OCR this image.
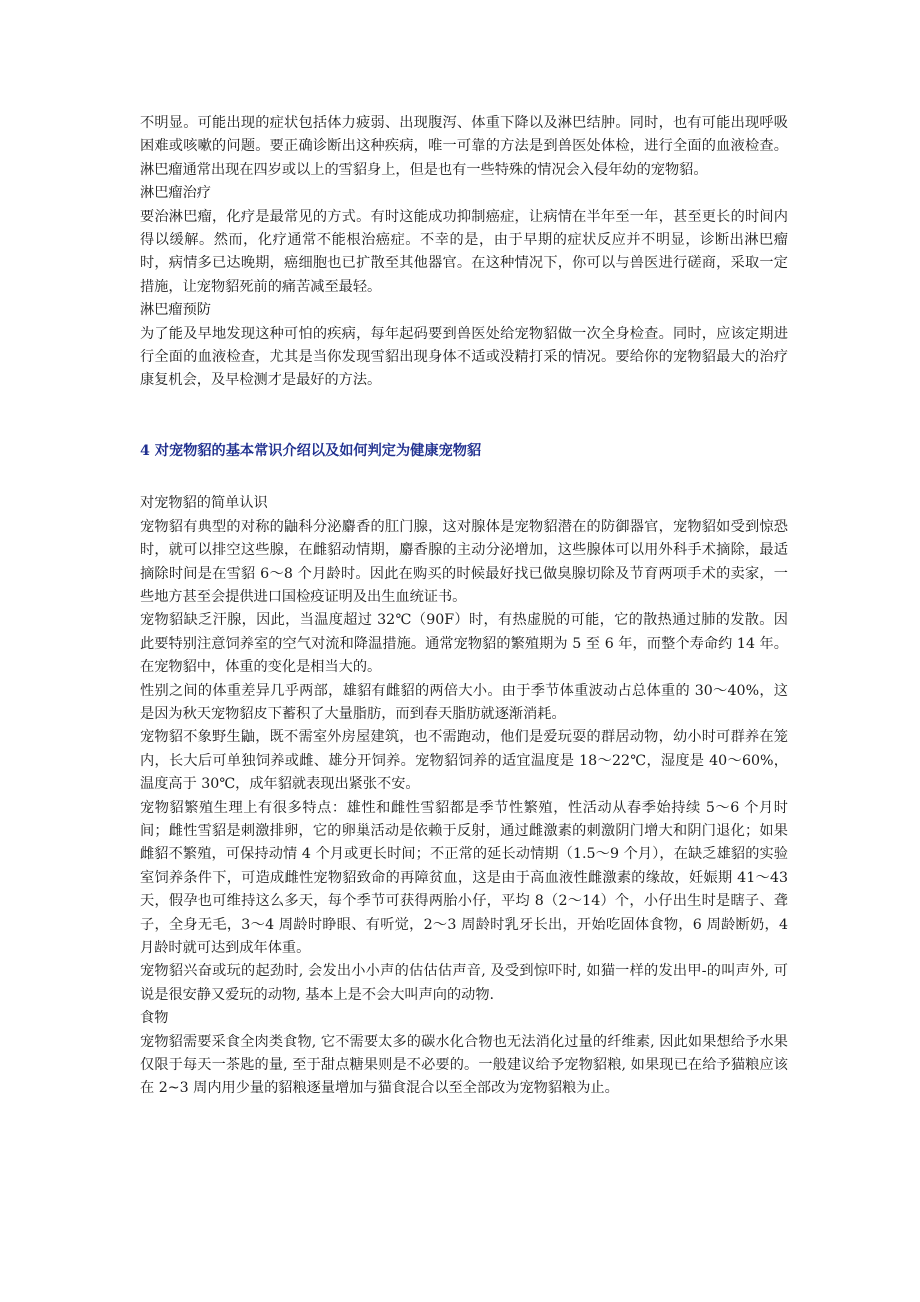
不明显。可能出现的症状包括体力疲弱、出现腹泻、体重下降以及淋巴结肿。同时，也有可能出现呼吸困难或咳嗽的问题。要正确诊断出这种疾病，唯一可靠的方法是到兽医处体检，进行全面的血液检查。淋巴瘤通常出现在四岁或以上的雪貂身上，但是也有一些特殊的情况会入侵年幼的宠物貂。

淋巴瘤治疗

要治淋巴瘤，化疗是最常见的方式。有时这能成功抑制癌症，让病情在半年至一年，甚至更长的时间内得以缓解。然而，化疗通常不能根治癌症。不幸的是，由于早期的症状反应并不明显，诊断出淋巴瘤时，病情多已达晚期，癌细胞也已扩散至其他器官。在这种情况下，你可以与兽医进行磋商，采取一定措施，让宠物貂死前的痛苦减至最轻。

淋巴瘤预防

为了能及早地发现这种可怕的疾病，每年起码要到兽医处给宠物貂做一次全身检查。同时，应该定期进行全面的血液检查，尤其是当你发现雪貂出现身体不适或没精打采的情况。要给你的宠物貂最大的治疗康复机会，及早检测才是最好的方法。

4 对宠物貂的基本常识介绍以及如何判定为健康宠物貂

对宠物貂的简单认识

宠物貂有典型的对称的鼬科分泌麝香的肛门腺，这对腺体是宠物貂潜在的防御器官，宠物貂如受到惊恐时，就可以排空这些腺，在雌貂动情期，麝香腺的主动分泌增加，这些腺体可以用外科手术摘除，最适摘除时间是在雪貂 6～8 个月龄时。因此在购买的时候最好找已做臭腺切除及节育两项手术的卖家，一些地方甚至会提供进口国检疫证明及出生血统证书。

宠物貂缺乏汗腺，因此，当温度超过 32℃（90F）时，有热虚脱的可能，它的散热通过肺的发散。因此要特别注意饲养室的空气对流和降温措施。通常宠物貂的繁殖期为 5 至 6 年，而整个寿命约 14 年。在宠物貂中，体重的变化是相当大的。

性别之间的体重差异几乎两部，雄貂有雌貂的两倍大小。由于季节体重波动占总体重的 30～40%，这是因为秋天宠物貂皮下蓄积了大量脂肪，而到春天脂肪就逐渐消耗。

宠物貂不象野生鼬，既不需室外房屋建筑，也不需跑动，他们是爱玩耍的群居动物，幼小时可群养在笼内，长大后可单独饲养或雌、雄分开饲养。宠物貂饲养的适宜温度是 18～22℃，湿度是 40～60%，温度高于 30℃，成年貂就表现出紧张不安。

宠物貂繁殖生理上有很多特点：雄性和雌性雪貂都是季节性繁殖，性活动从春季始持续 5～6 个月时间；雌性雪貂是刺激排卵，它的卵巢活动是依赖于反射，通过雌激素的刺激阴门增大和阴门退化；如果雌貂不繁殖，可保持动情 4 个月或更长时间；不正常的延长动情期（1.5～9 个月），在缺乏雄貂的实验室饲养条件下，可造成雌性宠物貂致命的再障贫血，这是由于高血液性雌激素的缘故，妊娠期 41～43 天，假孕也可维持这么多天，每个季节可获得两胎小仔，平均 8（2～14）个，小仔出生时是瞎子、聋子，全身无毛，3～4 周龄时睁眼、有听觉，2～3 周龄时乳牙长出，开始吃固体食物，6 周龄断奶，4 月龄时就可达到成年体重。

宠物貂兴奋或玩的起劲时, 会发出小小声的估估估声音, 及受到惊吓时, 如猫一样的发出甲-的叫声外, 可说是很安静又爱玩的动物, 基本上是不会大叫声向的动物.

食物

宠物貂需要采食全肉类食物, 它不需要太多的碳水化合物也无法消化过量的纤维素, 因此如果想给予水果仅限于每天一茶匙的量, 至于甜点糖果则是不必要的。一般建议给予宠物貂粮, 如果现已在给予猫粮应该在 2~3 周内用少量的貂粮逐量增加与猫食混合以至全部改为宠物貂粮为止。
